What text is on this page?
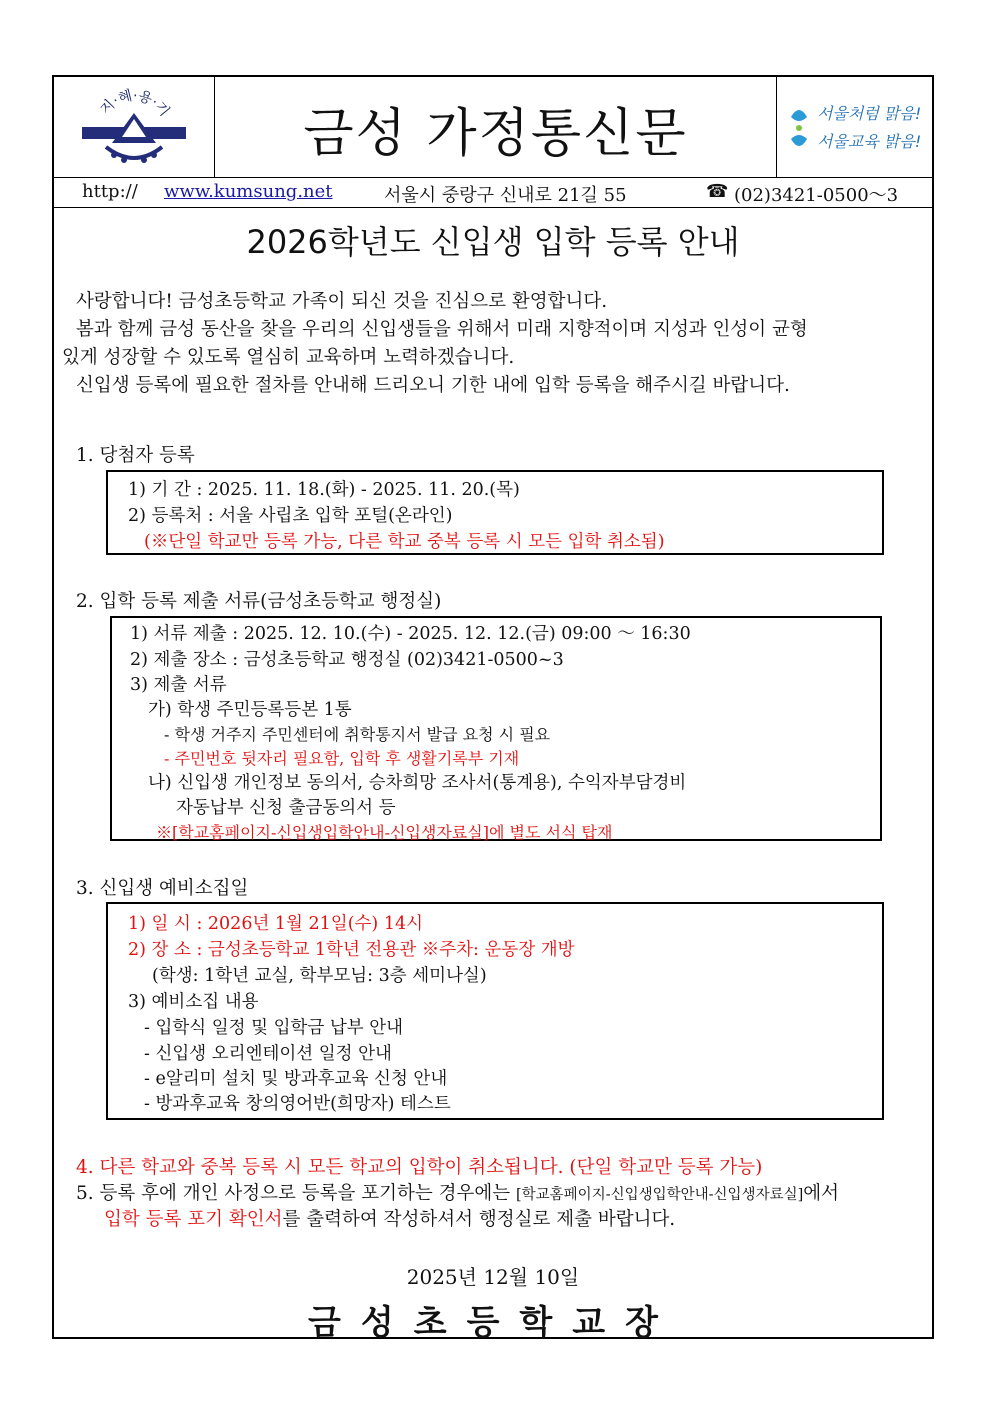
지·혜·용·기	금성 가정통신문	서울처럼 맑음!
서울교육 밝음!
http:// www.kumsung.net	서울시 중랑구 신내로 21길 55	☎ (02)3421-0500～3
2026학년도 신입생 입학 등록 안내
사랑합니다! 금성초등학교 가족이 되신 것을 진심으로 환영합니다.
봄과 함께 금성 동산을 찾을 우리의 신입생들을 위해서 미래 지향적이며 지성과 인성이 균형
있게 성장할 수 있도록 열심히 교육하며 노력하겠습니다.
신입생 등록에 필요한 절차를 안내해 드리오니 기한 내에 입학 등록을 해주시길 바랍니다.
1. 당첨자 등록
1) 기 간 : 2025. 11. 18.(화) - 2025. 11. 20.(목)
2) 등록처 : 서울 사립초 입학 포털(온라인)
(※단일 학교만 등록 가능, 다른 학교 중복 등록 시 모든 입학 취소됨)
2. 입학 등록 제출 서류(금성초등학교 행정실)
1) 서류 제출 : 2025. 12. 10.(수) - 2025. 12. 12.(금) 09:00 ～ 16:30
2) 제출 장소 : 금성초등학교 행정실 (02)3421-0500~3
3) 제출 서류
가) 학생 주민등록등본 1통
- 학생 거주지 주민센터에 취학통지서 발급 요청 시 필요
- 주민번호 뒷자리 필요함, 입학 후 생활기록부 기재
나) 신입생 개인정보 동의서, 승차희망 조사서(통계용), 수익자부담경비
자동납부 신청 출금동의서 등
※[학교홈페이지-신입생입학안내-신입생자료실]에 별도 서식 탑재
3. 신입생 예비소집일
1) 일 시 : 2026년 1월 21일(수) 14시
2) 장 소 : 금성초등학교 1학년 전용관 ※주차: 운동장 개방
(학생: 1학년 교실, 학부모님: 3층 세미나실)
3) 예비소집 내용
- 입학식 일정 및 입학금 납부 안내
- 신입생 오리엔테이션 일정 안내
- e알리미 설치 및 방과후교육 신청 안내
- 방과후교육 창의영어반(희망자) 테스트
4. 다른 학교와 중복 등록 시 모든 학교의 입학이 취소됩니다. (단일 학교만 등록 가능)
5. 등록 후에 개인 사정으로 등록을 포기하는 경우에는 [학교홈페이지-신입생입학안내-신입생자료실]에서
입학 등록 포기 확인서를 출력하여 작성하셔서 행정실로 제출 바랍니다.
2025년 12월 10일
금성초등학교장
